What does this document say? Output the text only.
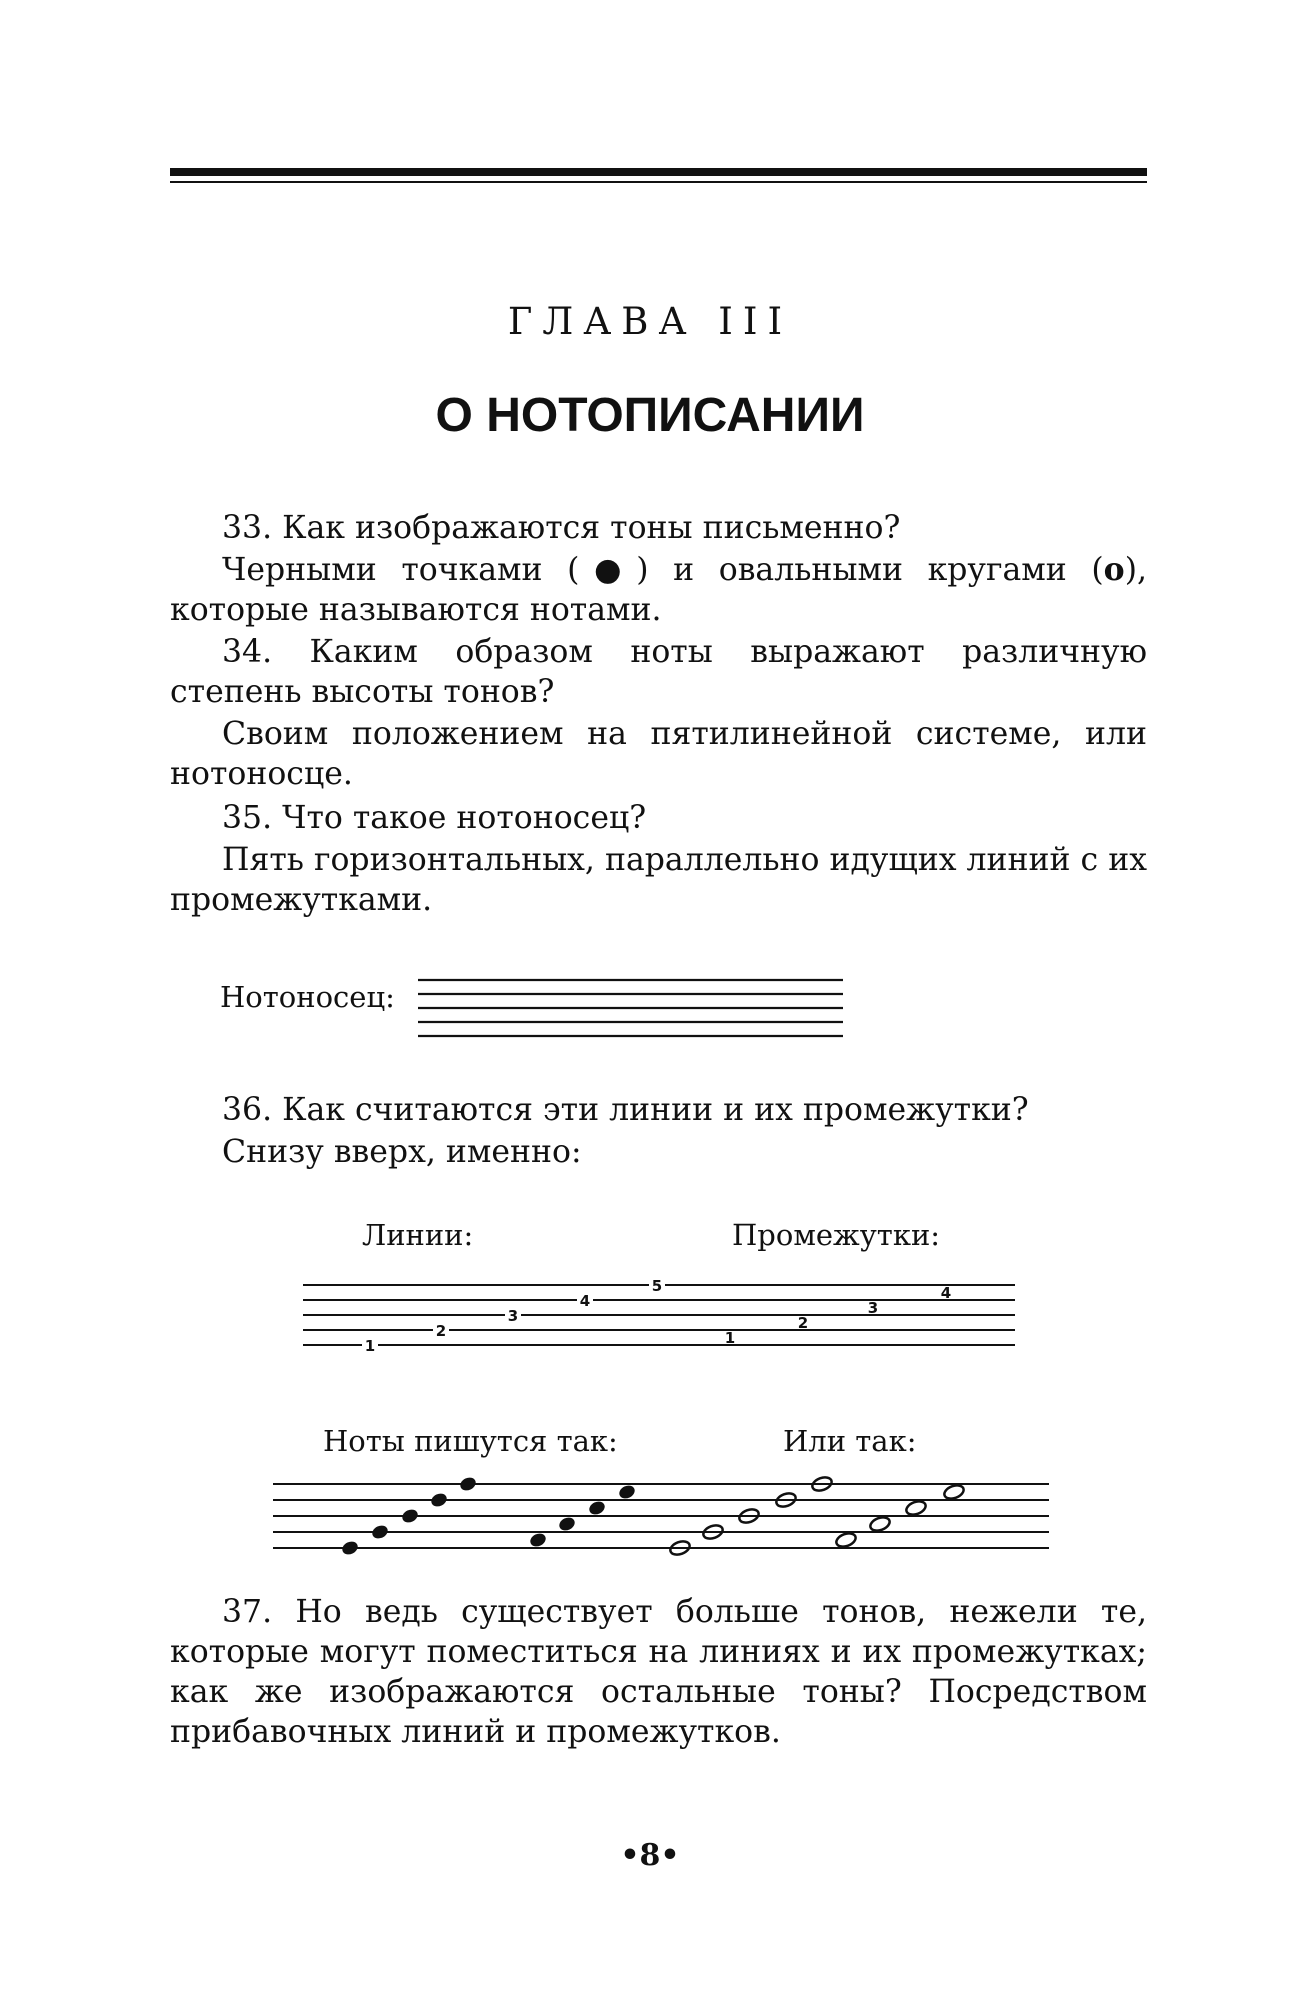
ГЛАВА III
О НОТОПИСАНИИ

33. Как изображаются тоны письменно?

Черными точками (●) и овальными кругами (o), которые называются нотами.

34. Каким образом ноты выражают различную степень высоты тонов?

Своим положением на пятилинейной системе, или нотоносце.

35. Что такое нотоносец?

Пять горизонтальных, параллельно идущих линий с их промежутками.

Нотоносец:

36. Как считаются эти линии и их промежутки?

Снизу вверх, именно:

Линии:	Промежутки:
Ноты пишутся так:	Или так:

37. Но ведь существует больше тонов, нежели те, которые могут поместиться на линиях и их промежутках; как же изображаются остальные тоны? Посредством прибавочных линий и промежутков.

•8•
1
2
3
4
5
1
2
3
4
